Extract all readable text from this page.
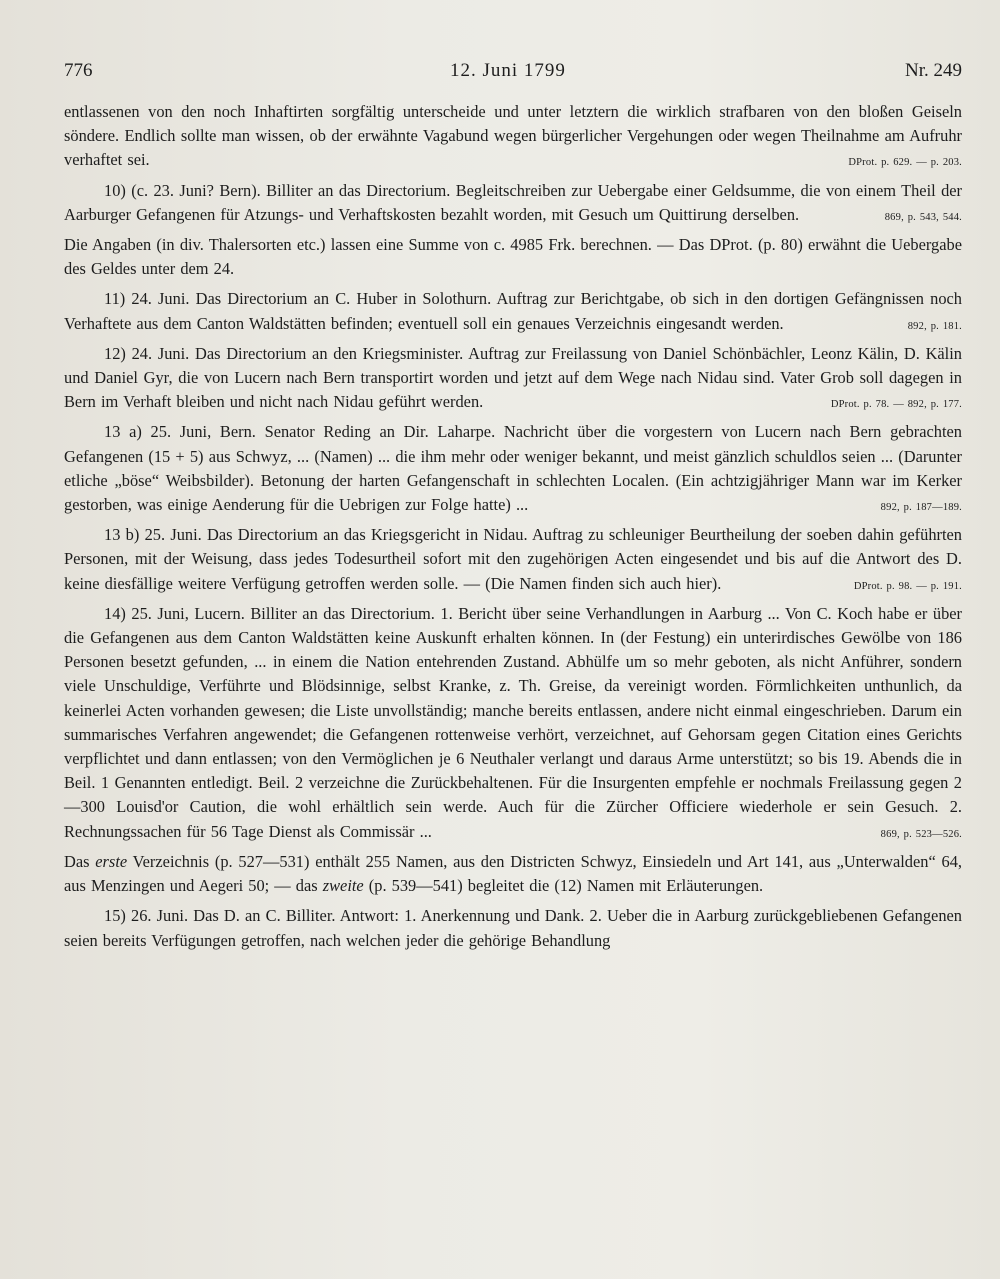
776	12. Juni 1799	Nr. 249

entlassenen von den noch Inhaftirten sorgfältig unterscheide und unter letztern die wirklich strafbaren von den bloßen Geiseln söndere. Endlich sollte man wissen, ob der erwähnte Vagabund wegen bürgerlicher Vergehungen oder wegen Theilnahme am Aufruhr verhaftet sei.	DProt. p. 629. — p. 203.

10) (c. 23. Juni? Bern). Billiter an das Directorium. Begleitschreiben zur Uebergabe einer Geldsumme, die von einem Theil der Aarburger Gefangenen für Atzungs- und Verhaftskosten bezahlt worden, mit Gesuch um Quittirung derselben.	869, p. 543, 544.

Die Angaben (in div. Thalersorten etc.) lassen eine Summe von c. 4985 Frk. berechnen. — Das DProt. (p. 80) erwähnt die Uebergabe des Geldes unter dem 24.

11) 24. Juni. Das Directorium an C. Huber in Solothurn. Auftrag zur Berichtgabe, ob sich in den dortigen Gefängnissen noch Verhaftete aus dem Canton Waldstätten befinden; eventuell soll ein genaues Verzeichnis eingesandt werden.	892, p. 181.

12) 24. Juni. Das Directorium an den Kriegsminister. Auftrag zur Freilassung von Daniel Schönbächler, Leonz Kälin, D. Kälin und Daniel Gyr, die von Lucern nach Bern transportirt worden und jetzt auf dem Wege nach Nidau sind. Vater Grob soll dagegen in Bern im Verhaft bleiben und nicht nach Nidau geführt werden.	DProt. p. 78. — 892, p. 177.

13 a) 25. Juni, Bern. Senator Reding an Dir. Laharpe. Nachricht über die vorgestern von Lucern nach Bern gebrachten Gefangenen (15 + 5) aus Schwyz, ... (Namen) ... die ihm mehr oder weniger bekannt, und meist gänzlich schuldlos seien ... (Darunter etliche „böse“ Weibsbilder). Betonung der harten Gefangenschaft in schlechten Localen. (Ein achtzigjähriger Mann war im Kerker gestorben, was einige Aenderung für die Uebrigen zur Folge hatte) ...	892, p. 187—189.

13 b) 25. Juni. Das Directorium an das Kriegsgericht in Nidau. Auftrag zu schleuniger Beurtheilung der soeben dahin geführten Personen, mit der Weisung, dass jedes Todesurtheil sofort mit den zugehörigen Acten eingesendet und bis auf die Antwort des D. keine diesfällige weitere Verfügung getroffen werden solle. — (Die Namen finden sich auch hier).	DProt. p. 98. — p. 191.

14) 25. Juni, Lucern. Billiter an das Directorium. 1. Bericht über seine Verhandlungen in Aarburg ... Von C. Koch habe er über die Gefangenen aus dem Canton Waldstätten keine Auskunft erhalten können. In (der Festung) ein unterirdisches Gewölbe von 186 Personen besetzt gefunden, ... in einem die Nation entehrenden Zustand. Abhülfe um so mehr geboten, als nicht Anführer, sondern viele Unschuldige, Verführte und Blödsinnige, selbst Kranke, z. Th. Greise, da vereinigt worden. Förmlichkeiten unthunlich, da keinerlei Acten vorhanden gewesen; die Liste unvollständig; manche bereits entlassen, andere nicht einmal eingeschrieben. Darum ein summarisches Verfahren angewendet; die Gefangenen rottenweise verhört, verzeichnet, auf Gehorsam gegen Citation eines Gerichts verpflichtet und dann entlassen; von den Vermöglichen je 6 Neuthaler verlangt und daraus Arme unterstützt; so bis 19. Abends die in Beil. 1 Genannten entledigt. Beil. 2 verzeichne die Zurückbehaltenen. Für die Insurgenten empfehle er nochmals Freilassung gegen 2—300 Louisd'or Caution, die wohl erhältlich sein werde. Auch für die Zürcher Officiere wiederhole er sein Gesuch. 2. Rechnungssachen für 56 Tage Dienst als Commissär ...	869, p. 523—526.

Das erste Verzeichnis (p. 527—531) enthält 255 Namen, aus den Districten Schwyz, Einsiedeln und Art 141, aus „Unterwalden“ 64, aus Menzingen und Aegeri 50; — das zweite (p. 539—541) begleitet die (12) Namen mit Erläuterungen.

15) 26. Juni. Das D. an C. Billiter. Antwort: 1. Anerkennung und Dank. 2. Ueber die in Aarburg zurückgebliebenen Gefangenen seien bereits Verfügungen getroffen, nach welchen jeder die gehörige Behandlung
